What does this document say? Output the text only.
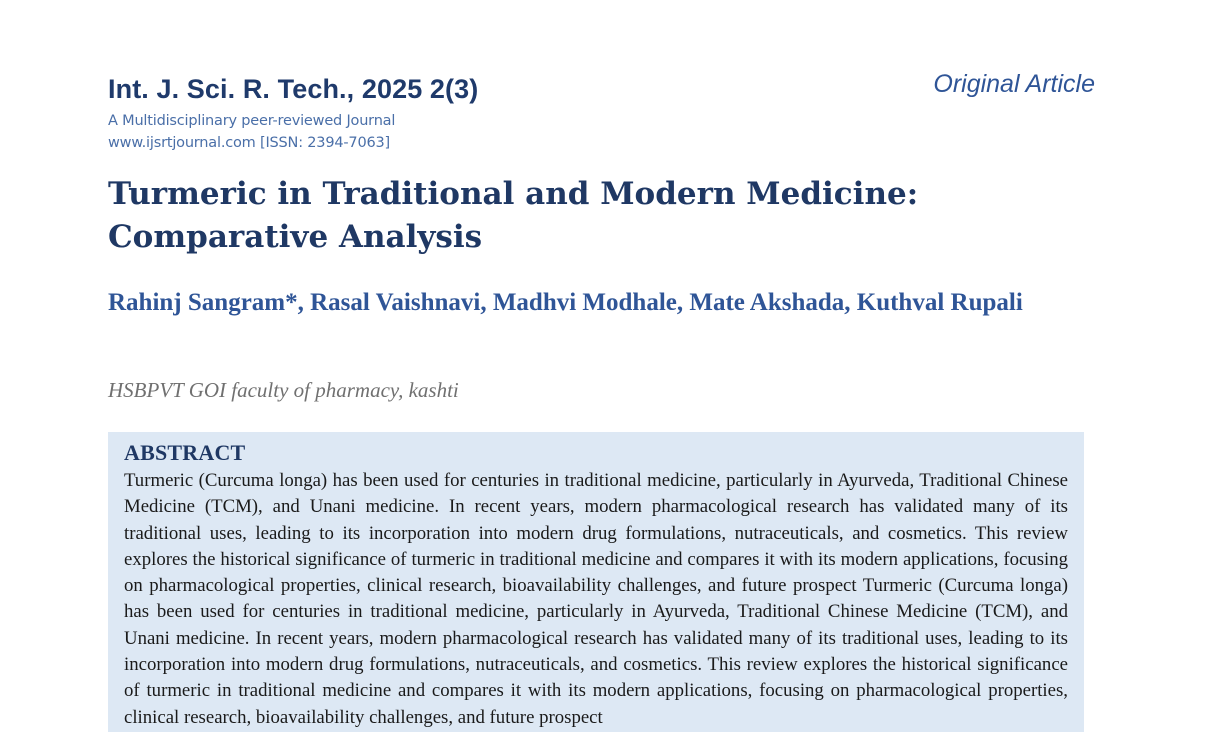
Int. J. Sci. R. Tech., 2025 2(3)	Original Article
A Multidisciplinary peer-reviewed Journal
www.ijsrtjournal.com [ISSN: 2394-7063]
Turmeric in Traditional and Modern Medicine: Comparative Analysis
Rahinj Sangram*, Rasal Vaishnavi, Madhvi Modhale, Mate Akshada, Kuthval Rupali
HSBPVT GOI faculty of pharmacy, kashti
ABSTRACT
Turmeric (Curcuma longa) has been used for centuries in traditional medicine, particularly in Ayurveda, Traditional Chinese Medicine (TCM), and Unani medicine. In recent years, modern pharmacological research has validated many of its traditional uses, leading to its incorporation into modern drug formulations, nutraceuticals, and cosmetics. This review explores the historical significance of turmeric in traditional medicine and compares it with its modern applications, focusing on pharmacological properties, clinical research, bioavailability challenges, and future prospect Turmeric (Curcuma longa) has been used for centuries in traditional medicine, particularly in Ayurveda, Traditional Chinese Medicine (TCM), and Unani medicine. In recent years, modern pharmacological research has validated many of its traditional uses, leading to its incorporation into modern drug formulations, nutraceuticals, and cosmetics. This review explores the historical significance of turmeric in traditional medicine and compares it with its modern applications, focusing on pharmacological properties, clinical research, bioavailability challenges, and future prospect
